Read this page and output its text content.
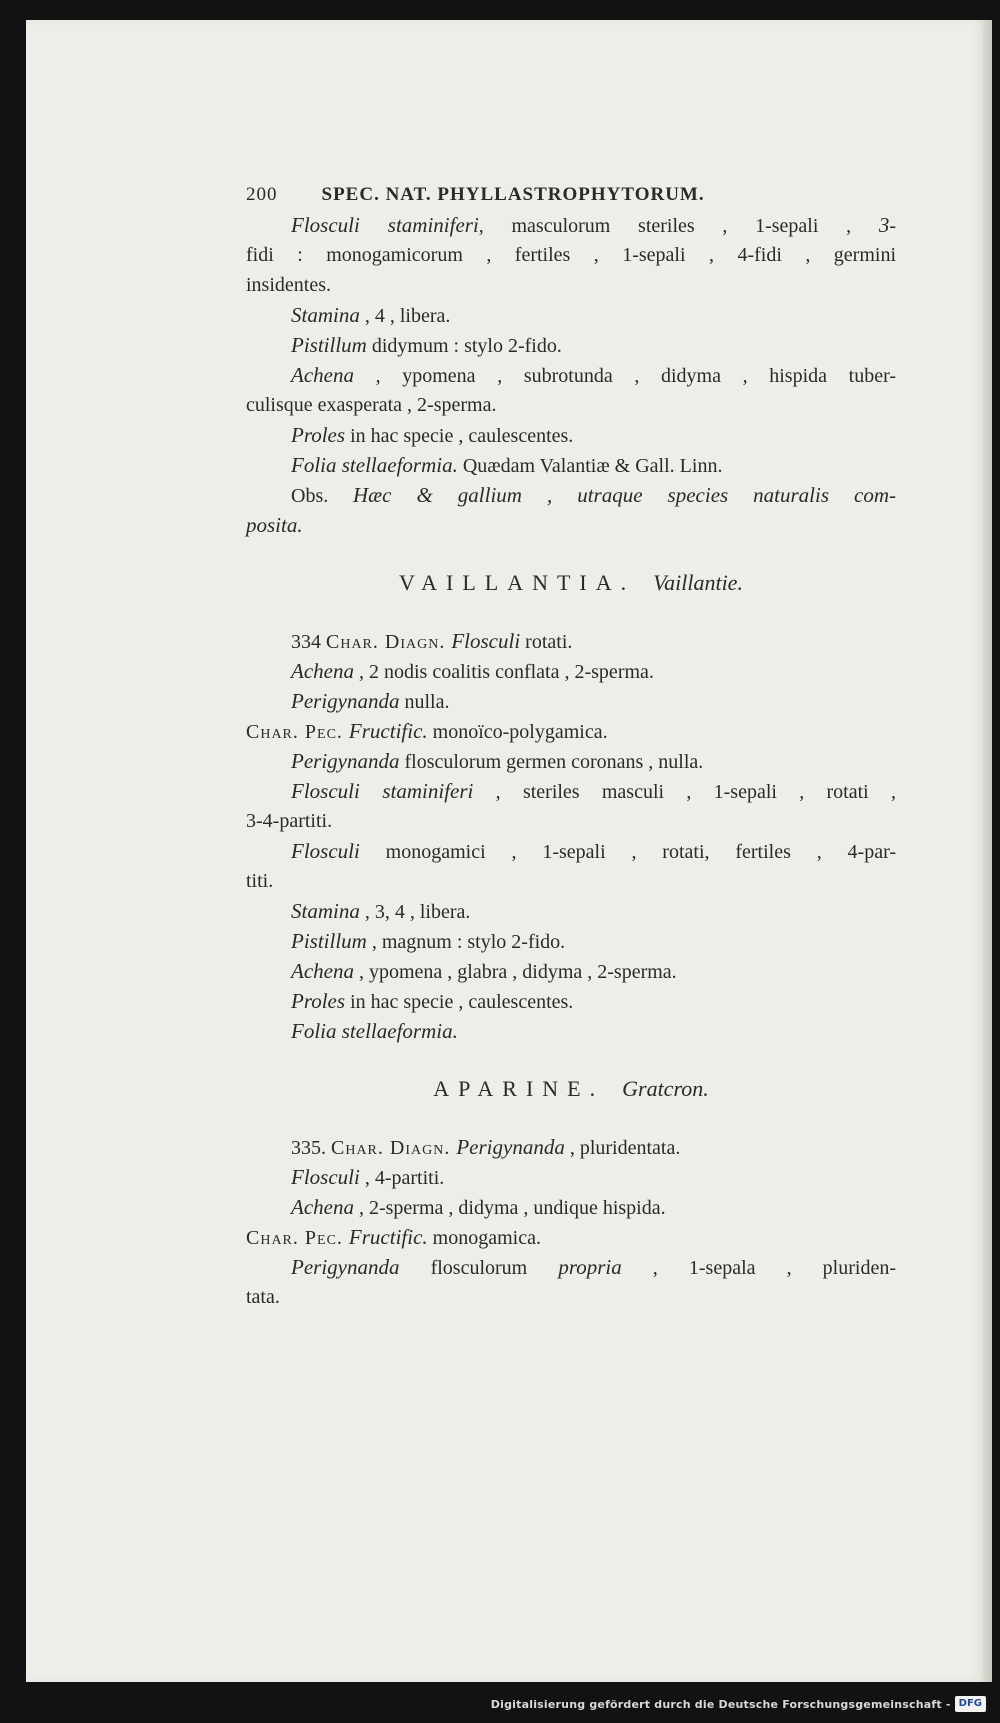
200 SPEC. NAT. PHYLLASTROPHYTORUM.
Flosculi staminiferi, masculorum steriles , 1-sepali , 3-
fidi : monogamicorum , fertiles , 1-sepali , 4-fidi , germini
insidentes.
Stamina , 4 , libera.
Pistillum didymum : stylo 2-fido.
Achena , ypomena , subrotunda , didyma , hispida tuber-
culisque exasperata , 2-sperma.
Proles in hac specie , caulescentes.
Folia stellaeformia. Quædam Valantiæ & Gall. Linn.
Obs. Hæc & gallium , utraque species naturalis com-
posita.
VAILLANTIA. Vaillantie.
334 Char. Diagn. Flosculi rotati.
Achena , 2 nodis coalitis conflata , 2-sperma.
Perigynanda nulla.
Char. Pec. Fructific. monoïco-polygamica.
Perigynanda flosculorum germen coronans , nulla.
Flosculi staminiferi , steriles masculi , 1-sepali , rotati ,
3-4-partiti.
Flosculi monogamici , 1-sepali , rotati, fertiles , 4-par-
titi.
Stamina , 3, 4 , libera.
Pistillum , magnum : stylo 2-fido.
Achena , ypomena , glabra , didyma , 2-sperma.
Proles in hac specie , caulescentes.
Folia stellaeformia.
APARINE. Gratcron.
335. Char. Diagn. Perigynanda , pluridentata.
Flosculi , 4-partiti.
Achena , 2-sperma , didyma , undique hispida.
Char. Pec. Fructific. monogamica.
Perigynanda flosculorum propria , 1-sepala , pluriden-
tata.
Digitalisierung gefördert durch die Deutsche Forschungsgemeinschaft - DFG
